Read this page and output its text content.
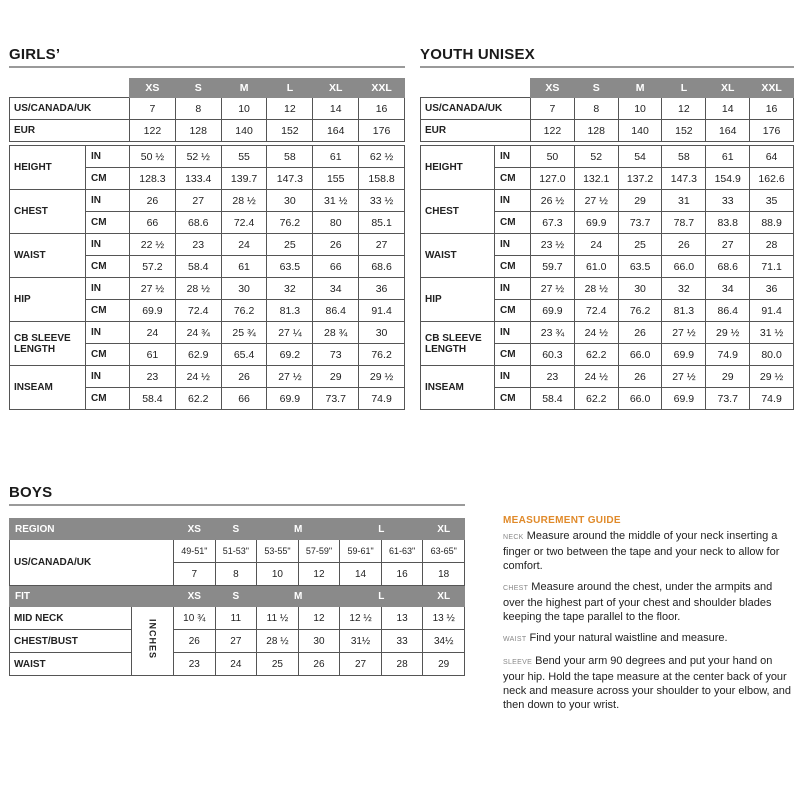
GIRLS’
		XS	S	M	L	XL	XXL
US/CANADA/UK		7	8	10	12	14	16
EUR		122	128	140	152	164	176

HEIGHT	IN	50 ½	52 ½	55	58	61	62 ½
	CM	128.3	133.4	139.7	147.3	155	158.8
CHEST	IN	26	27	28 ½	30	31 ½	33 ½
	CM	66	68.6	72.4	76.2	80	85.1
WAIST	IN	22 ½	23	24	25	26	27
	CM	57.2	58.4	61	63.5	66	68.6
HIP	IN	27 ½	28 ½	30	32	34	36
	CM	69.9	72.4	76.2	81.3	86.4	91.4
CB SLEEVE LENGTH	IN	24	24 ¾	25 ¾	27 ¼	28 ¾	30
	CM	61	62.9	65.4	69.2	73	76.2
INSEAM	IN	23	24 ½	26	27 ½	29	29 ½
	CM	58.4	62.2	66	69.9	73.7	74.9
YOUTH UNISEX
		XS	S	M	L	XL	XXL
US/CANADA/UK		7	8	10	12	14	16
EUR		122	128	140	152	164	176

HEIGHT	IN	50	52	54	58	61	64
	CM	127.0	132.1	137.2	147.3	154.9	162.6
CHEST	IN	26 ½	27 ½	29	31	33	35
	CM	67.3	69.9	73.7	78.7	83.8	88.9
WAIST	IN	23 ½	24	25	26	27	28
	CM	59.7	61.0	63.5	66.0	68.6	71.1
HIP	IN	27 ½	28 ½	30	32	34	36
	CM	69.9	72.4	76.2	81.3	86.4	91.4
CB SLEEVE LENGTH	IN	23 ¾	24 ½	26	27 ½	29 ½	31 ½
	CM	60.3	62.2	66.0	69.9	74.9	80.0
INSEAM	IN	23	24 ½	26	27 ½	29	29 ½
	CM	58.4	62.2	66.0	69.9	73.7	74.9
BOYS
REGION		XS	S	M		L		XL
US/CANADA/UK		49-51"	51-53"	53-55"	57-59"	59-61"	61-63"	63-65"
		7	8	10	12	14	16	18
FIT		XS	S	M		L		XL
MID NECK	INCHES	10 ¾	11	11 ½	12	12 ½	13	13 ½
CHEST/BUST		26	27	28 ½	30	31½	33	34½
WAIST		23	24	25	26	27	28	29
MEASUREMENT GUIDE

NECK Measure around the middle of your neck inserting a finger or two between the tape and your neck to allow for comfort.

CHEST Measure around the chest, under the armpits and over the highest part of your chest and shoulder blades keeping the tape parallel to the floor.

WAIST Find your natural waistline and measure.

SLEEVE Bend your arm 90 degrees and put your hand on your hip. Hold the tape measure at the center back of your neck and measure across your shoulder to your elbow, and then down to your wrist.
